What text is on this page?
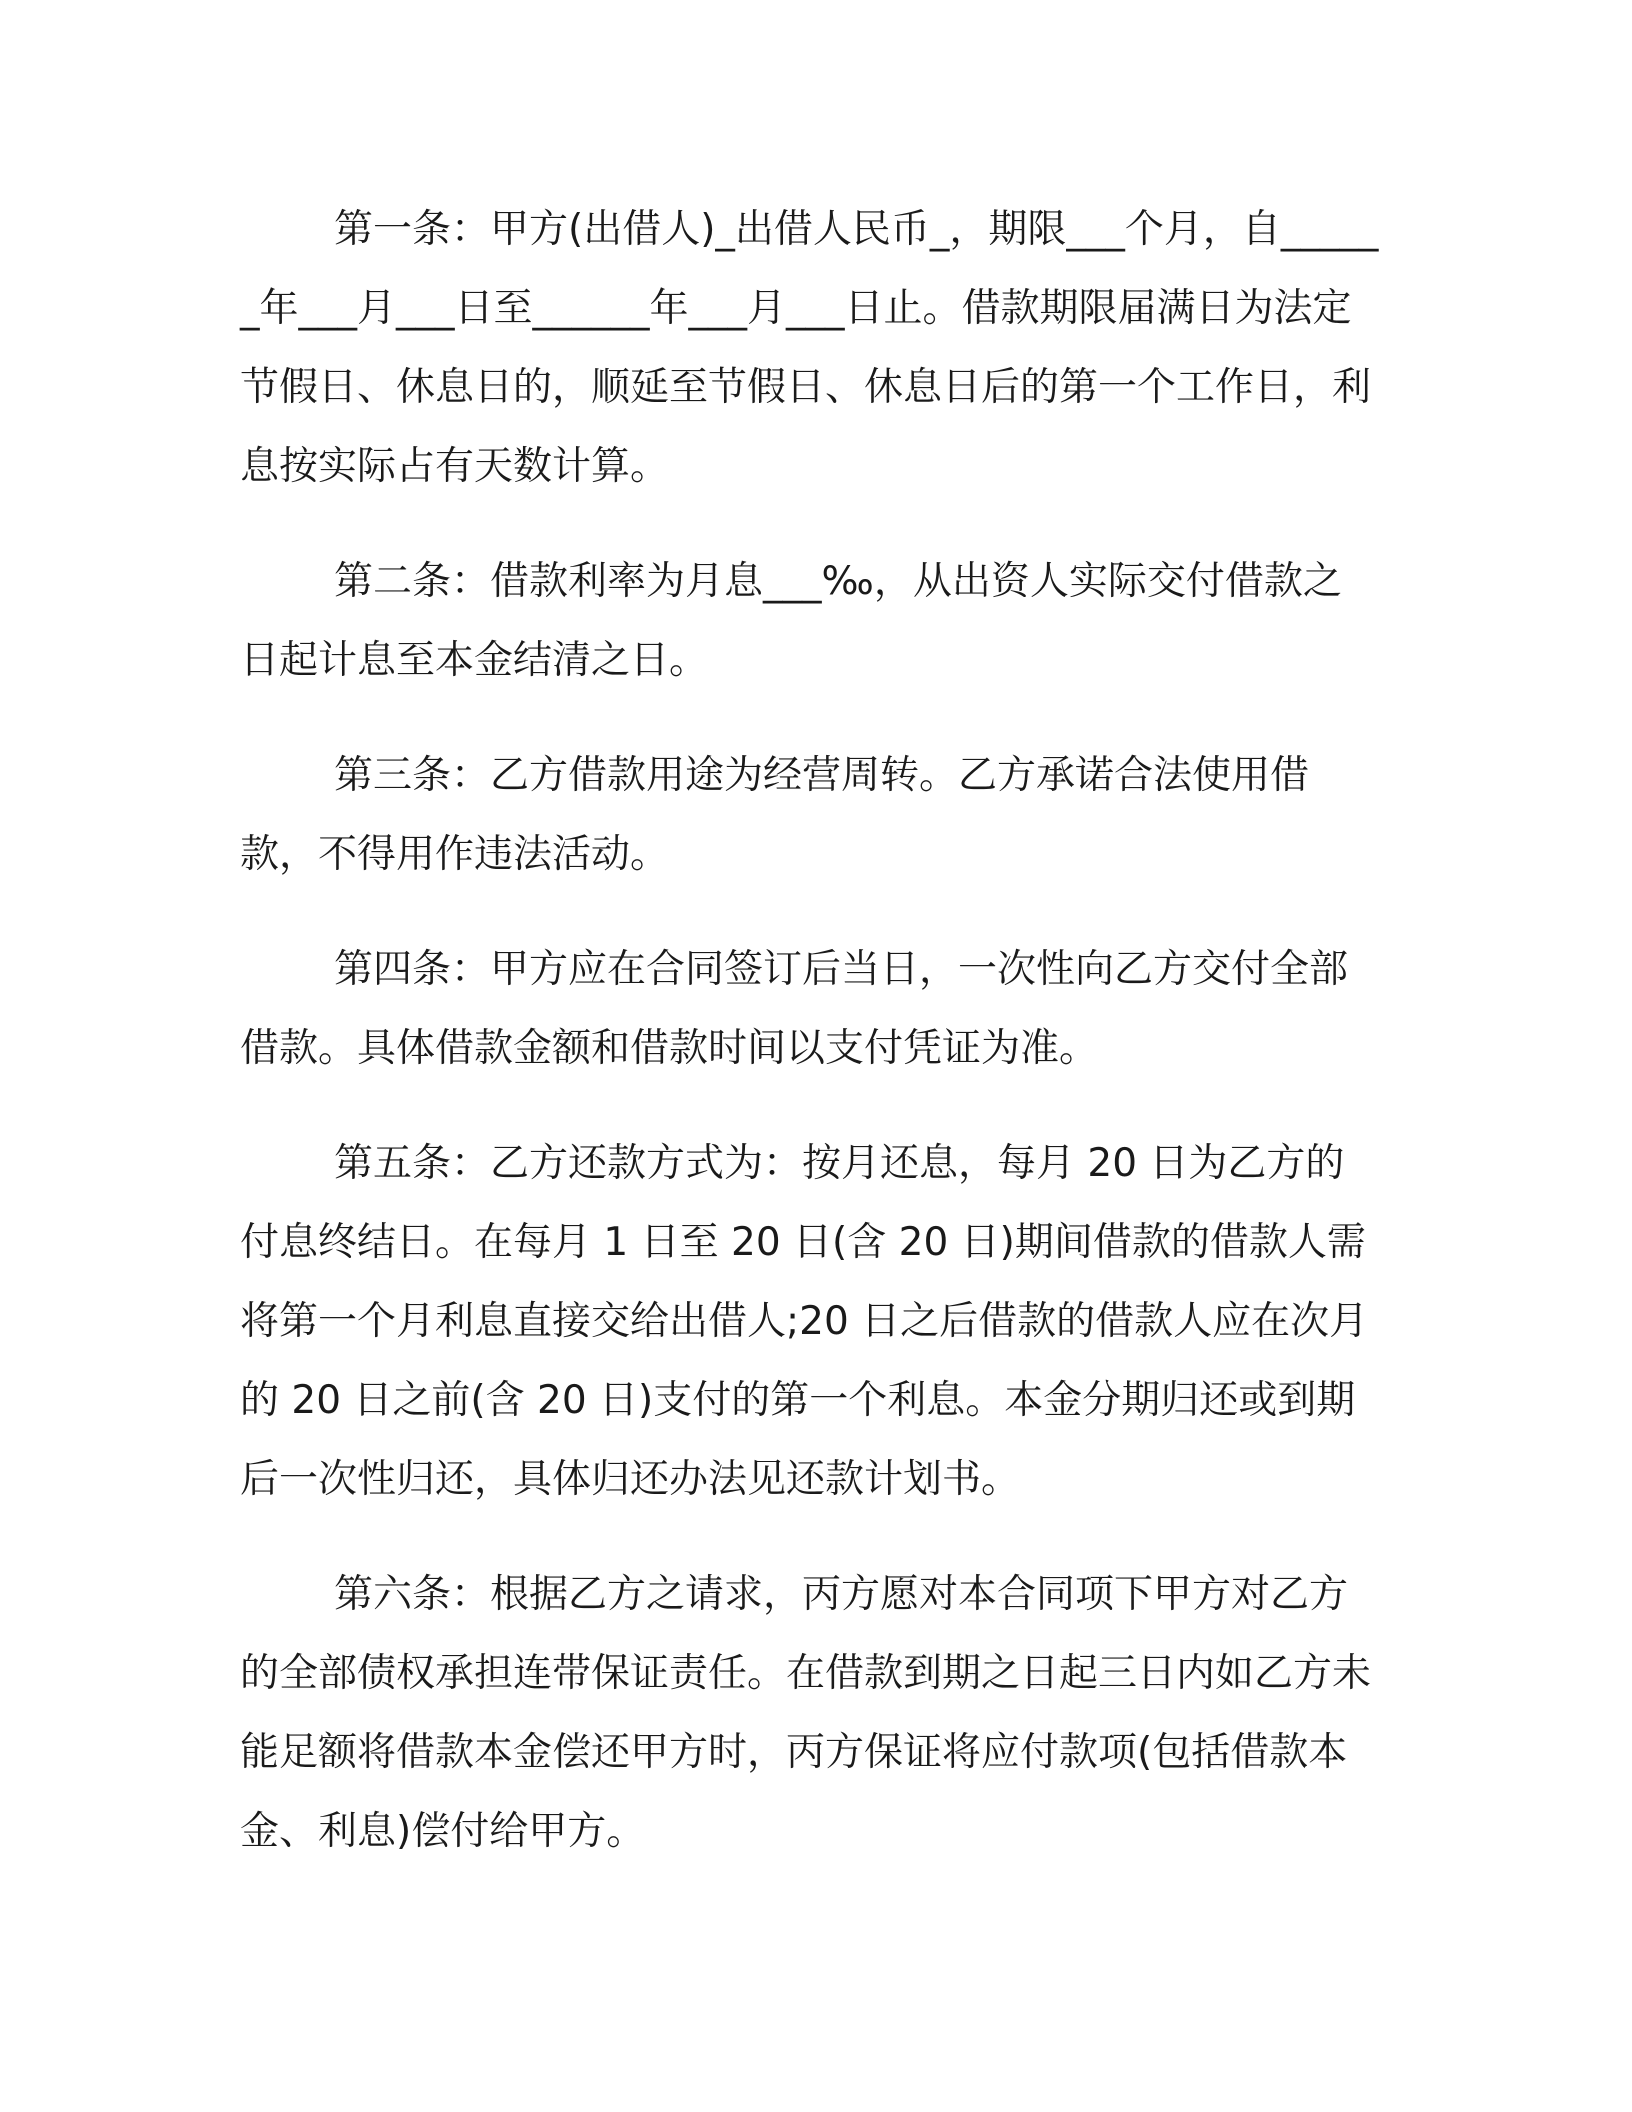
第一条：甲方(出借人)_出借人民币_，期限___个月，自______年___月___日至______年___月___日止。借款期限届满日为法定节假日、休息日的，顺延至节假日、休息日后的第一个工作日，利息按实际占有天数计算。

第二条：借款利率为月息___‰，从出资人实际交付借款之日起计息至本金结清之日。

第三条：乙方借款用途为经营周转。乙方承诺合法使用借款，不得用作违法活动。

第四条：甲方应在合同签订后当日，一次性向乙方交付全部借款。具体借款金额和借款时间以支付凭证为准。

第五条：乙方还款方式为：按月还息，每月 20 日为乙方的付息终结日。在每月 1 日至 20 日(含 20 日)期间借款的借款人需将第一个月利息直接交给出借人;20 日之后借款的借款人应在次月的 20 日之前(含 20 日)支付的第一个利息。本金分期归还或到期后一次性归还，具体归还办法见还款计划书。

第六条：根据乙方之请求，丙方愿对本合同项下甲方对乙方的全部债权承担连带保证责任。在借款到期之日起三日内如乙方未能足额将借款本金偿还甲方时，丙方保证将应付款项(包括借款本金、利息)偿付给甲方。
